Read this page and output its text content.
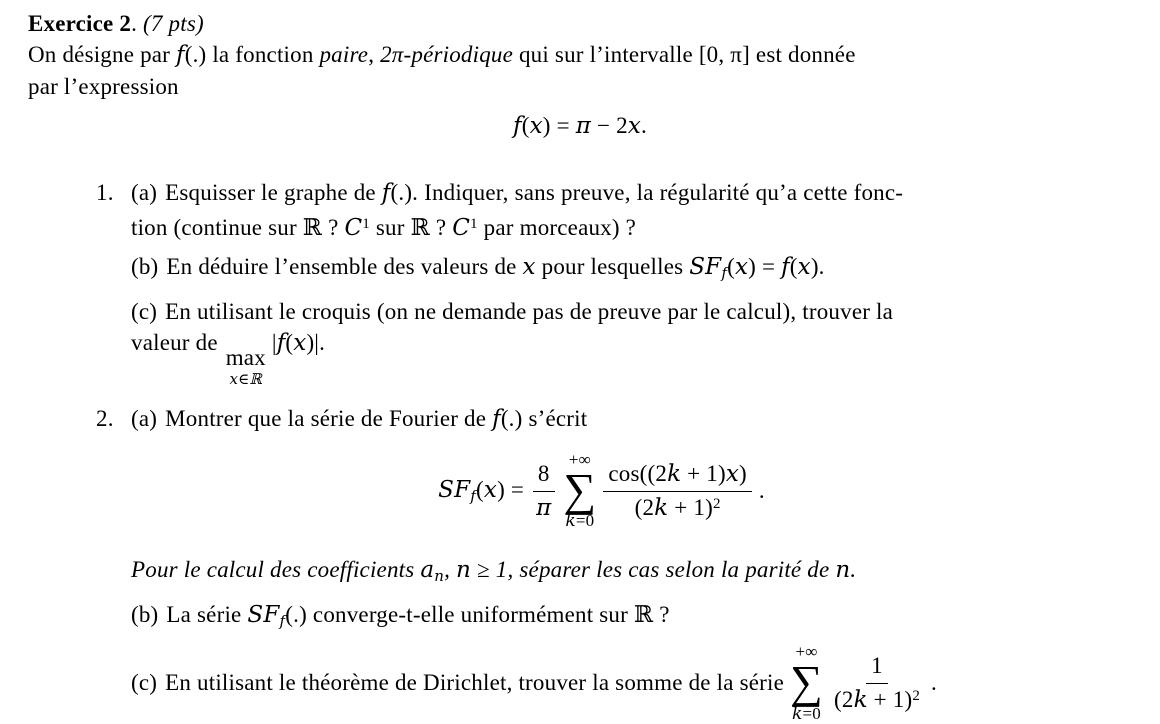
Exercice 2. (7 pts)
On désigne par f(.) la fonction paire, 2π-périodique qui sur l’intervalle [0, π] est donnée
par l’expression
f(x) = π − 2x.
1. (a) Esquisser le graphe de f(.). Indiquer, sans preuve, la régularité qu’a cette fonc-
tion (continue sur ℝ ? $C^1$ sur ℝ ? $C^1$ par morceaux) ?
(b) En déduire l’ensemble des valeurs de x pour lesquelles $SF_f(x) = f(x)$.
(c) En utilisant le croquis (on ne demande pas de preuve par le calcul), trouver la
valeur de
max
x∈ℝ
|f(x)|.
2. (a) Montrer que la série de Fourier de f(.) s’écrit
$SF_f(x) = \frac{8}{\pi}$ +∞
∑
$k=0 \frac{\cos((2k + 1)x)}{(2k + 1)^2}$ .
Pour le calcul des coefficients $a_n$, n ≥ 1, séparer les cas selon la parité de n.
(b) La série $SF_f(.)$ converge-t-elle uniformément sur ℝ ?
(c) En utilisant le théorème de Dirichlet, trouver la somme de la série
+∞
∑
$k=0 \frac{1}{(2k + 1)^2}$ .
